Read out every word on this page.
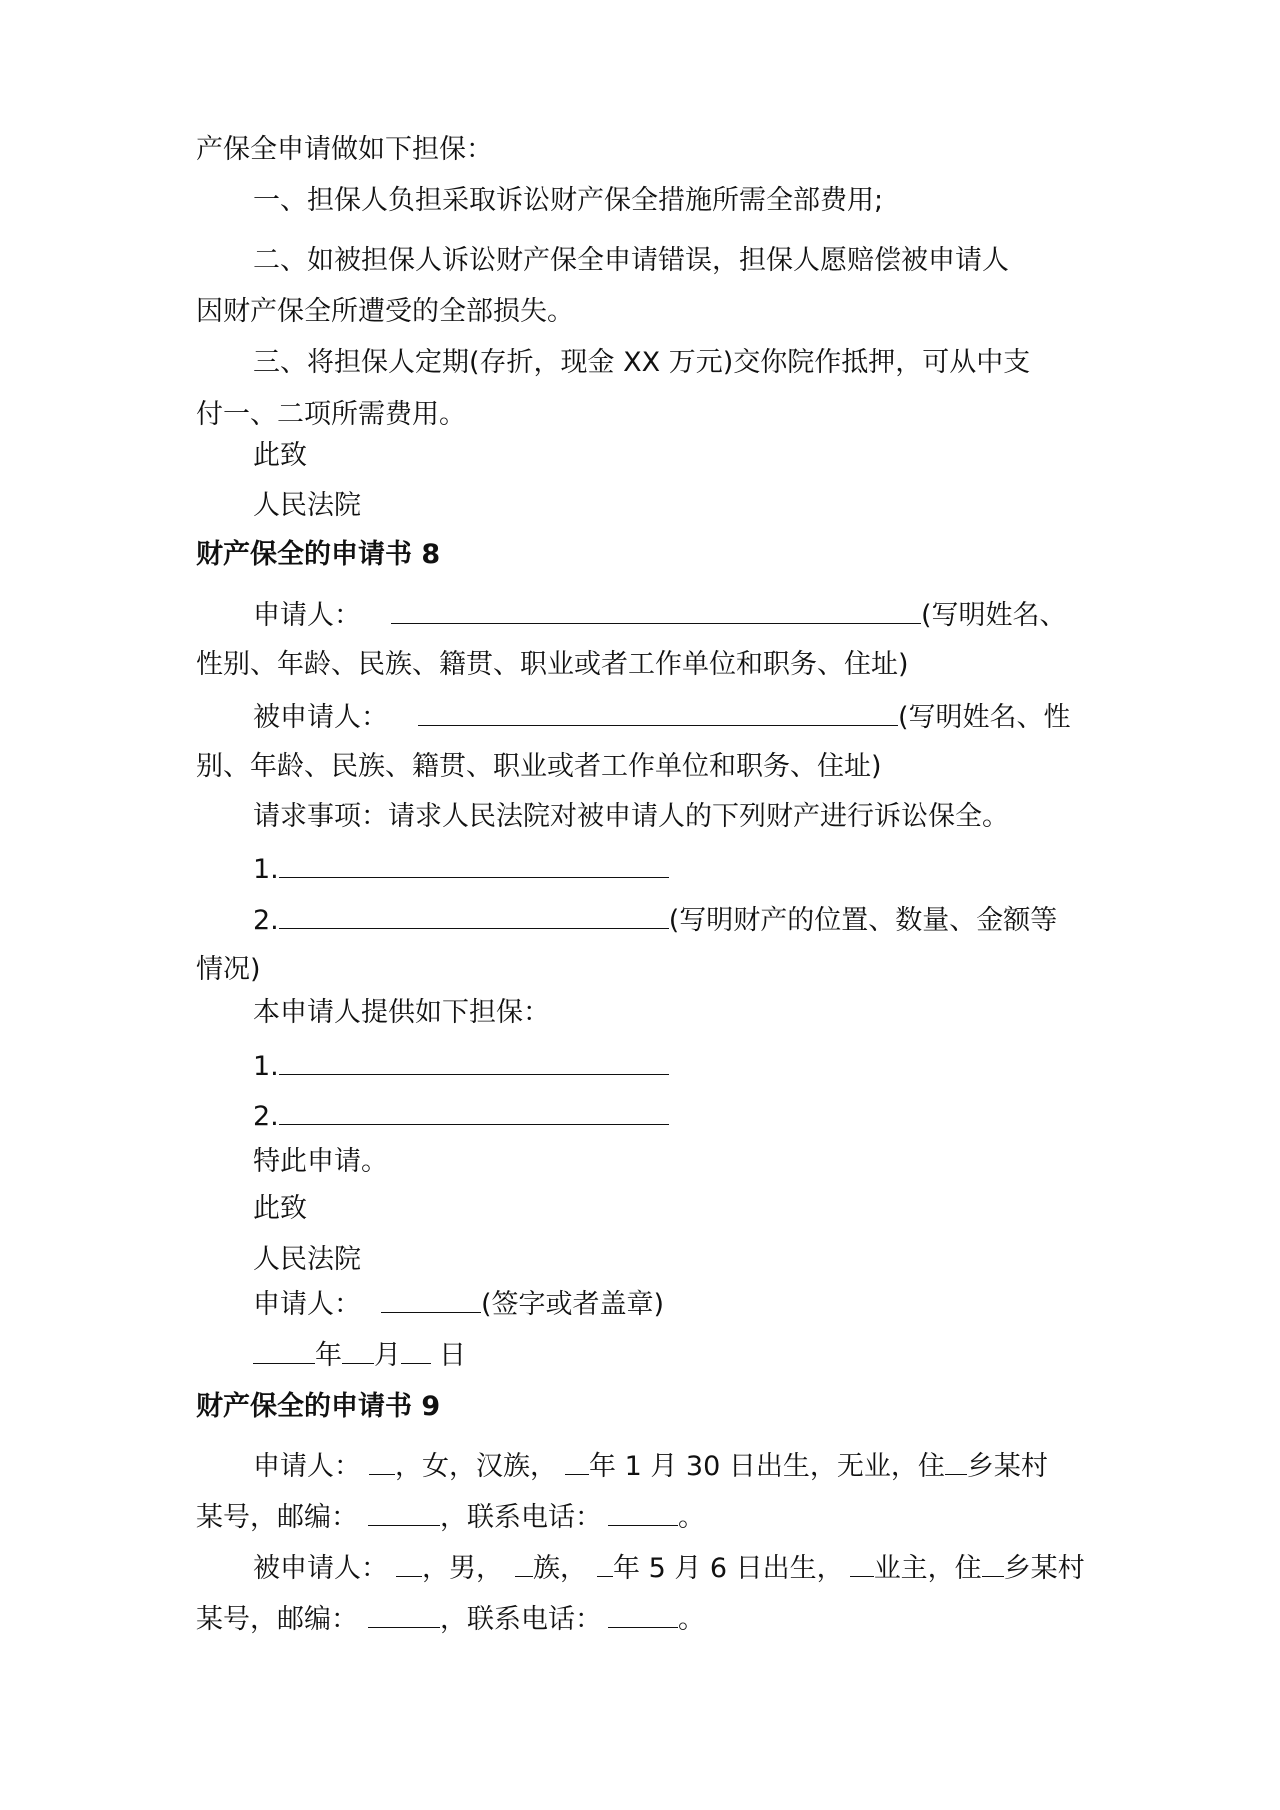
产保全申请做如下担保：
一、担保人负担采取诉讼财产保全措施所需全部费用;
二、如被担保人诉讼财产保全申请错误，担保人愿赔偿被申请人
因财产保全所遭受的全部损失。
三、将担保人定期(存折，现金 XX 万元)交你院作抵押，可从中支
付一、二项所需费用。
此致
人民法院
财产保全的申请书 8
申请人：	(写明姓名、
性别、年龄、民族、籍贯、职业或者工作单位和职务、住址)
被申请人：	(写明姓名、性
别、年龄、民族、籍贯、职业或者工作单位和职务、住址)
请求事项：请求人民法院对被申请人的下列财产进行诉讼保全。
1.
2.	(写明财产的位置、数量、金额等
情况)
本申请人提供如下担保：
1.
2.
特此申请。
此致
人民法院
申请人：	(签字或者盖章)
年 月 日
财产保全的申请书 9
申请人： ，女，汉族， 年 1 月 30 日出生，无业，住 乡某村
某号，邮编：	，联系电话：	。
被申请人： ，男， 族， 年 5 月 6 日出生， 业主，住 乡某村
某号，邮编：	，联系电话：	。
